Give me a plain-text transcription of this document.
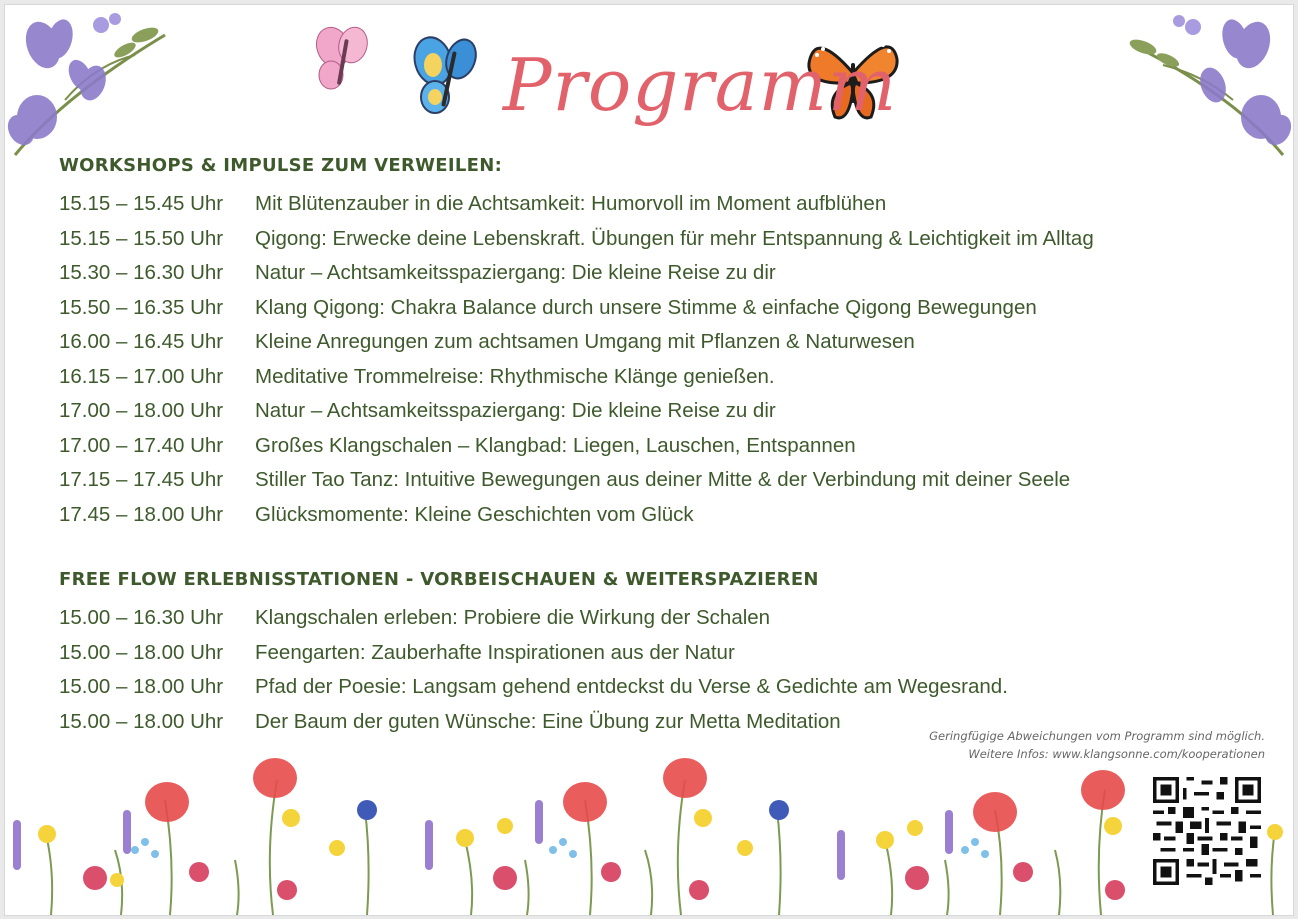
Programm
WORKSHOPS & IMPULSE ZUM VERWEILEN:
15.15 – 15.45 Uhr	Mit Blütenzauber in die Achtsamkeit: Humorvoll im Moment aufblühen
15.15 – 15.50 Uhr	Qigong: Erwecke deine Lebenskraft. Übungen für mehr Entspannung & Leichtigkeit im Alltag
15.30 – 16.30 Uhr	Natur – Achtsamkeitsspaziergang: Die kleine Reise zu dir
15.50 – 16.35 Uhr	Klang Qigong: Chakra Balance durch unsere Stimme & einfache Qigong Bewegungen
16.00 – 16.45 Uhr	Kleine Anregungen zum achtsamen Umgang mit Pflanzen & Naturwesen
16.15 – 17.00 Uhr	Meditative Trommelreise: Rhythmische Klänge genießen.
17.00 – 18.00 Uhr	Natur – Achtsamkeitsspaziergang: Die kleine Reise zu dir
17.00 – 17.40 Uhr	Großes Klangschalen – Klangbad: Liegen, Lauschen, Entspannen
17.15 – 17.45 Uhr	Stiller Tao Tanz: Intuitive Bewegungen aus deiner Mitte & der Verbindung mit deiner Seele
17.45 – 18.00 Uhr	Glücksmomente: Kleine Geschichten vom Glück
FREE FLOW ERLEBNISSTATIONEN - VORBEISCHAUEN & WEITERSPAZIEREN
15.00 – 16.30 Uhr	Klangschalen erleben: Probiere die Wirkung der Schalen
15.00 – 18.00 Uhr	Feengarten: Zauberhafte Inspirationen aus der Natur
15.00 – 18.00 Uhr	Pfad der Poesie: Langsam gehend entdeckst du Verse & Gedichte am Wegesrand.
15.00 – 18.00 Uhr	Der Baum der guten Wünsche: Eine Übung zur Metta Meditation
Geringfügige Abweichungen vom Programm sind möglich.
Weitere Infos: www.klangsonne.com/kooperationen
